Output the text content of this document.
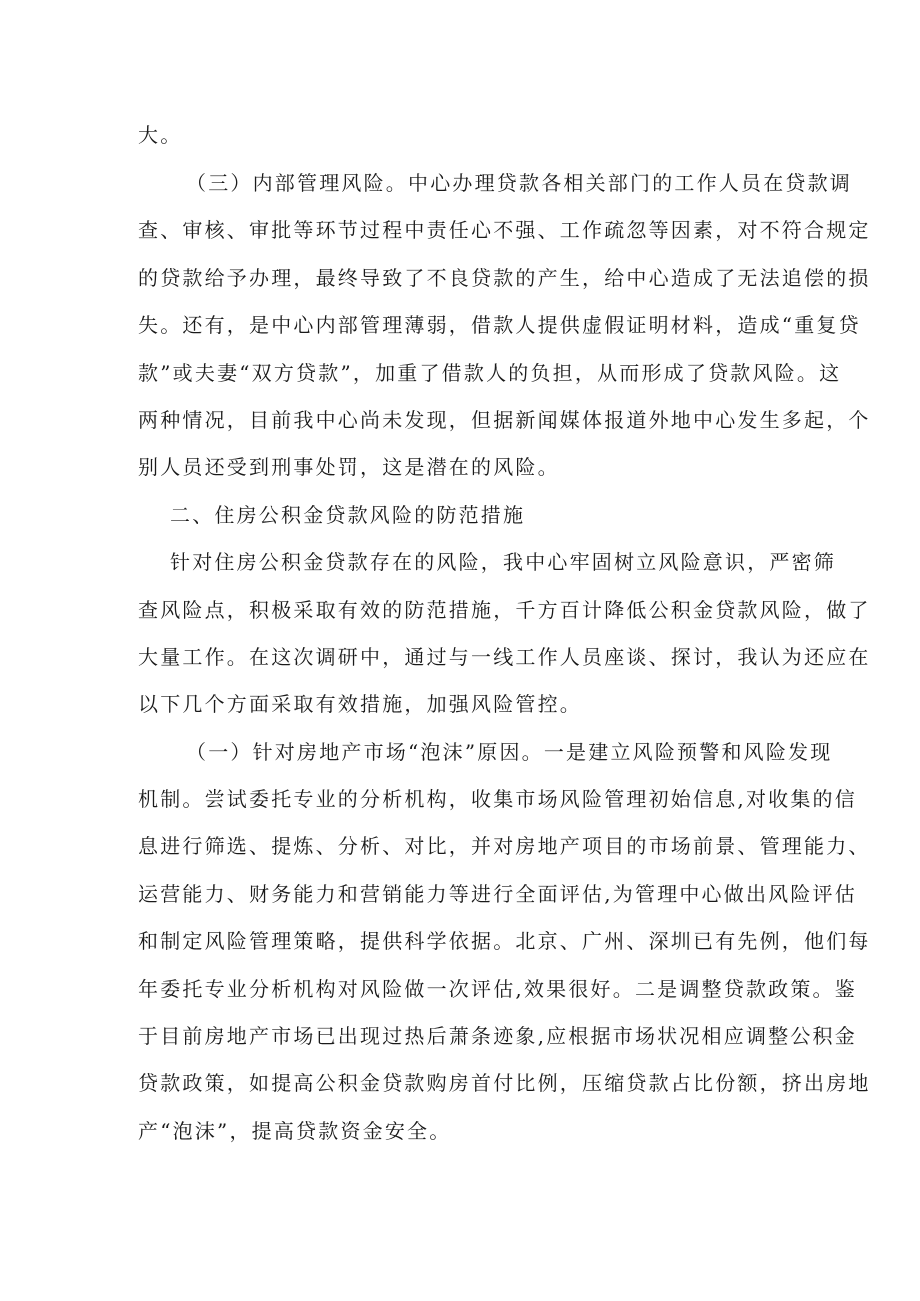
大。
（三）内部管理风险。中心办理贷款各相关部门的工作人员在贷款调
查、审核、审批等环节过程中责任心不强、工作疏忽等因素，对不符合规定
的贷款给予办理，最终导致了不良贷款的产生，给中心造成了无法追偿的损
失。还有，是中心内部管理薄弱，借款人提供虚假证明材料，造成“重复贷
款”或夫妻“双方贷款”，加重了借款人的负担，从而形成了贷款风险。这
两种情况，目前我中心尚未发现，但据新闻媒体报道外地中心发生多起，个
别人员还受到刑事处罚，这是潜在的风险。
二、住房公积金贷款风险的防范措施
针对住房公积金贷款存在的风险，我中心牢固树立风险意识，严密筛
查风险点，积极采取有效的防范措施，千方百计降低公积金贷款风险，做了
大量工作。在这次调研中，通过与一线工作人员座谈、探讨，我认为还应在
以下几个方面采取有效措施，加强风险管控。
（一）针对房地产市场“泡沫”原因。一是建立风险预警和风险发现
机制。尝试委托专业的分析机构，收集市场风险管理初始信息,对收集的信
息进行筛选、提炼、分析、对比，并对房地产项目的市场前景、管理能力、
运营能力、财务能力和营销能力等进行全面评估,为管理中心做出风险评估
和制定风险管理策略，提供科学依据。北京、广州、深圳已有先例，他们每
年委托专业分析机构对风险做一次评估,效果很好。二是调整贷款政策。鉴
于目前房地产市场已出现过热后萧条迹象,应根据市场状况相应调整公积金
贷款政策，如提高公积金贷款购房首付比例，压缩贷款占比份额，挤出房地
产“泡沫”，提高贷款资金安全。
